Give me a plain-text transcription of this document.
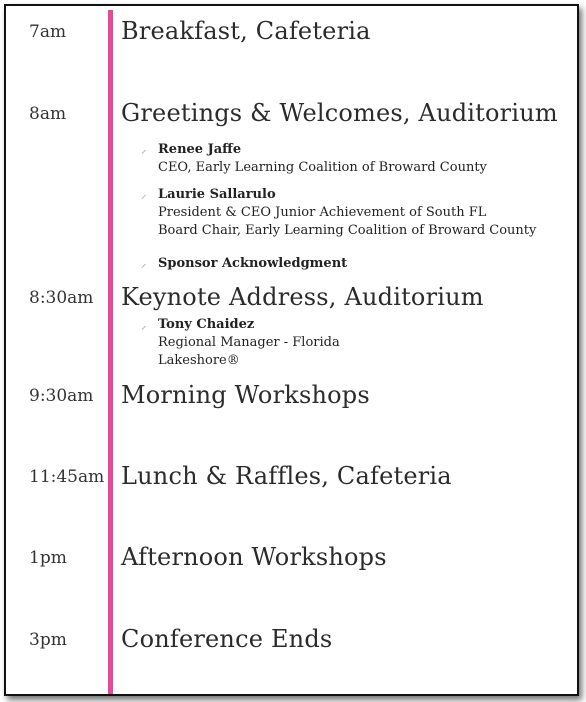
7am Breakfast, Cafeteria
8am Greetings & Welcomes, Auditorium
⸝ Renee Jaffe
CEO, Early Learning Coalition of Broward County
⸝ Laurie Sallarulo
President & CEO Junior Achievement of South FL
Board Chair, Early Learning Coalition of Broward County
⸝ Sponsor Acknowledgment
8:30am Keynote Address, Auditorium
⸝ Tony Chaidez
Regional Manager - Florida
Lakeshore®
9:30am Morning Workshops
11:45am Lunch & Raffles, Cafeteria
1pm Afternoon Workshops
3pm Conference Ends
